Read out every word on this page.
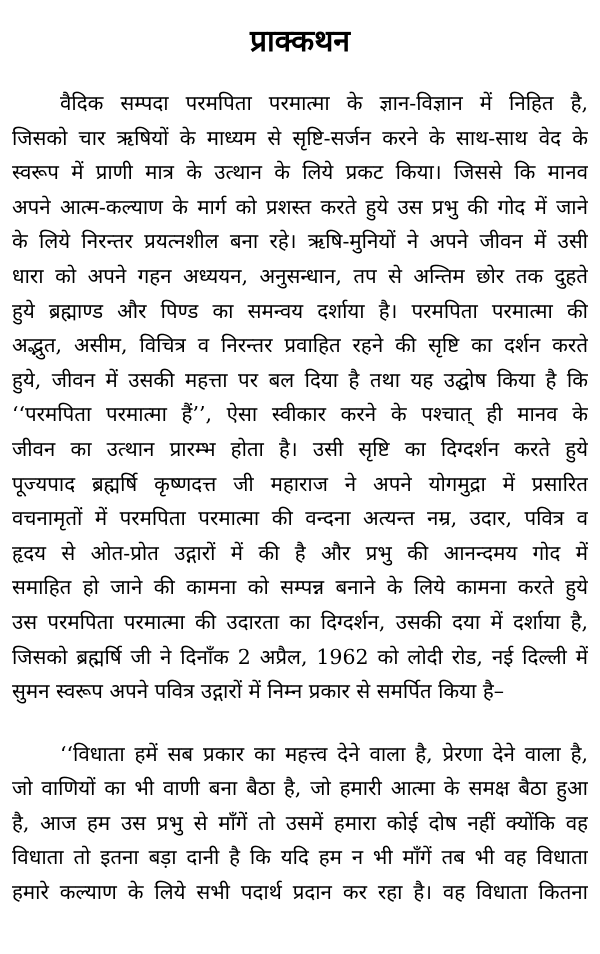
प्राक्कथन
वैदिक सम्पदा परमपिता परमात्मा के ज्ञान-विज्ञान में निहित है,
जिसको चार ऋषियों के माध्यम से सृष्टि-सर्जन करने के साथ-साथ वेद के
स्वरूप में प्राणी मात्र के उत्थान के लिये प्रकट किया। जिससे कि मानव
अपने आत्म-कल्याण के मार्ग को प्रशस्त करते हुये उस प्रभु की गोद में जाने
के लिये निरन्तर प्रयत्नशील बना रहे। ऋषि-मुनियों ने अपने जीवन में उसी
धारा को अपने गहन अध्ययन, अनुसन्धान, तप से अन्तिम छोर तक दुहते
हुये ब्रह्माण्ड और पिण्ड का समन्वय दर्शाया है। परमपिता परमात्मा की
अद्भुत, असीम, विचित्र व निरन्तर प्रवाहित रहने की सृष्टि का दर्शन करते
हुये, जीवन में उसकी महत्ता पर बल दिया है तथा यह उद्घोष किया है कि
‘‘परमपिता परमात्मा हैं’’, ऐसा स्वीकार करने के पश्चात् ही मानव के
जीवन का उत्थान प्रारम्भ होता है। उसी सृष्टि का दिग्दर्शन करते हुये
पूज्यपाद ब्रह्मर्षि कृष्णदत्त जी महाराज ने अपने योगमुद्रा में प्रसारित
वचनामृतों में परमपिता परमात्मा की वन्दना अत्यन्त नम्र, उदार, पवित्र व
हृदय से ओत-प्रोत उद्गारों में की है और प्रभु की आनन्दमय गोद में
समाहित हो जाने की कामना को सम्पन्न बनाने के लिये कामना करते हुये
उस परमपिता परमात्मा की उदारता का दिग्दर्शन, उसकी दया में दर्शाया है,
जिसको ब्रह्मर्षि जी ने दिनाँक 2 अप्रैल, 1962 को लोदी रोड, नई दिल्ली में
सुमन स्वरूप अपने पवित्र उद्गारों में निम्न प्रकार से समर्पित किया है–
‘‘विधाता हमें सब प्रकार का महत्त्व देने वाला है, प्रेरणा देने वाला है,
जो वाणियों का भी वाणी बना बैठा है, जो हमारी आत्मा के समक्ष बैठा हुआ
है, आज हम उस प्रभु से माँगें तो उसमें हमारा कोई दोष नहीं क्योंकि वह
विधाता तो इतना बड़ा दानी है कि यदि हम न भी माँगें तब भी वह विधाता
हमारे कल्याण के लिये सभी पदार्थ प्रदान कर रहा है। वह विधाता कितना
